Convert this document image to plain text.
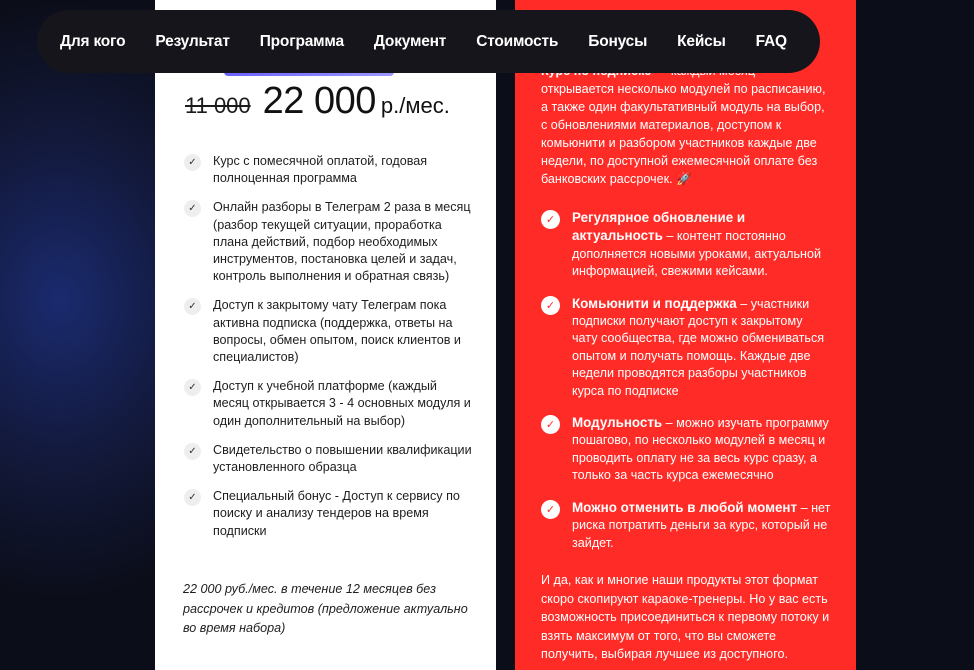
11 000 22 000 р./мес.
✓	Курс с помесячной оплатой, годовая полноценная программа
✓	Онлайн разборы в Телеграм 2 раза в месяц (разбор текущей ситуации, проработка плана действий, подбор необходимых инструментов, постановка целей и задач, контроль выполнения и обратная связь)
✓	Доступ к закрытому чату Телеграм пока активна подписка (поддержка, ответы на вопросы, обмен опытом, поиск клиентов и специалистов)
✓	Доступ к учебной платформе (каждый месяц открывается 3 - 4 основных модуля и один дополнительный на выбор)
✓	Свидетельство о повышении квалификации установленного образца
✓	Специальный бонус - Доступ к сервису по поиску и анализу тендеров на время подписки

22 000 руб./мес. в течение 12 месяцев без рассрочек и кредитов (предложение актуально во время набора)

открывается несколько модулей по расписанию, а также один факультативный модуль на выбор, с обновлениями материалов, доступом к комьюнити и разбором участников каждые две недели, по доступной ежемесячной оплате без банковских рассрочек. 🚀

✓	Регулярное обновление и актуальность – контент постоянно дополняется новыми уроками, актуальной информацией, свежими кейсами.
✓	Комьюнити и поддержка – участники подписки получают доступ к закрытому чату сообщества, где можно обмениваться опытом и получать помощь. Каждые две недели проводятся разборы участников курса по подписке
✓	Модульность – можно изучать программу пошагово, по несколько модулей в месяц и проводить оплату не за весь курс сразу, а только за часть курса ежемесячно
✓	Можно отменить в любой момент – нет риска потратить деньги за курс, который не зайдет.

И да, как и многие наши продукты этот формат скоро скопируют караоке-тренеры. Но у вас есть возможность присоединиться к первому потоку и взять максимум от того, что вы сможете получить, выбирая лучшее из доступного.

Для кого Результат Программа Документ Стоимость Бонусы Кейсы FAQ
